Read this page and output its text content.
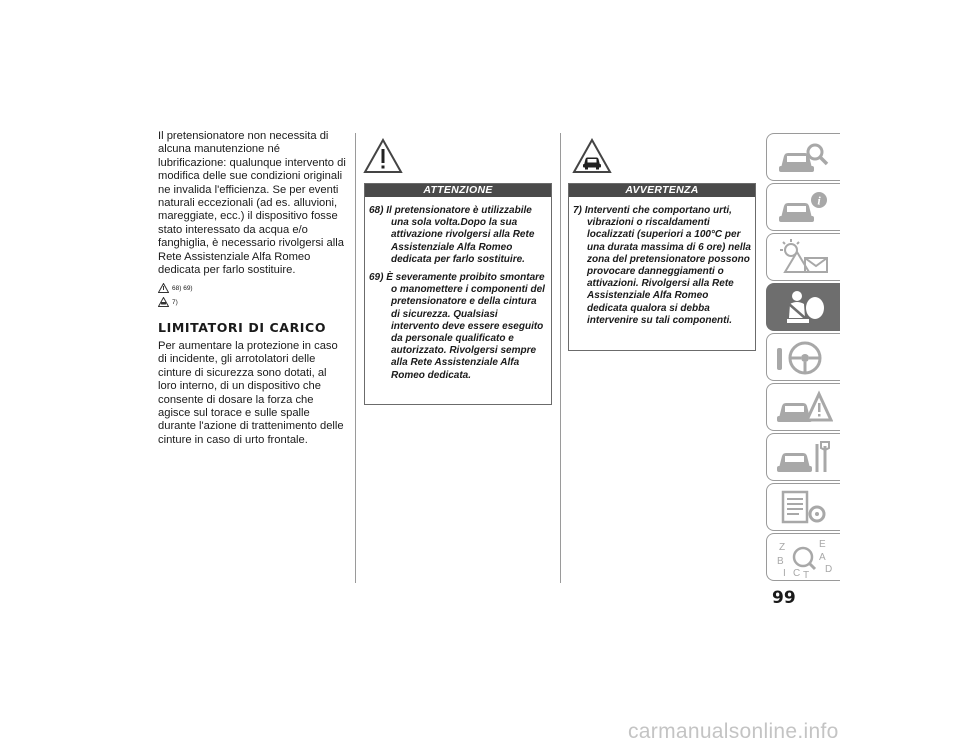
Il pretensionatore non necessita di alcuna manutenzione né lubrificazione: qualunque intervento di modifica delle sue condizioni originali ne invalida l'efficienza. Se per eventi naturali eccezionali (ad es. alluvioni, mareggiate, ecc.) il dispositivo fosse stato interessato da acqua e/o fanghiglia, è necessario rivolgersi alla Rete Assistenziale Alfa Romeo dedicata per farlo sostituire.

68) 69)
7)
LIMITATORI DI CARICO

Per aumentare la protezione in caso di incidente, gli arrotolatori delle cinture di sicurezza sono dotati, al loro interno, di un dispositivo che consente di dosare la forza che agisce sul torace e sulle spalle durante l'azione di trattenimento delle cinture in caso di urto frontale.

ATTENZIONE
68) Il pretensionatore è utilizzabile una sola volta.Dopo la sua attivazione rivolgersi alla Rete Assistenziale Alfa Romeo dedicata per farlo sostituire.
69) È severamente proibito smontare o manomettere i componenti del pretensionatore e della cintura di sicurezza. Qualsiasi intervento deve essere eseguito da personale qualificato e autorizzato. Rivolgersi sempre alla Rete Assistenziale Alfa Romeo dedicata.
AVVERTENZA
7) Interventi che comportano urti, vibrazioni o riscaldamenti localizzati (superiori a 100°C per una durata massima di 6 ore) nella zona del pretensionatore possono provocare danneggiamenti o attivazioni. Rivolgersi alla Rete Assistenziale Alfa Romeo dedicata qualora si debba intervenire su tali componenti.
i
Z	E
B	A
D
C T
I
99
carmanualsonline.info
